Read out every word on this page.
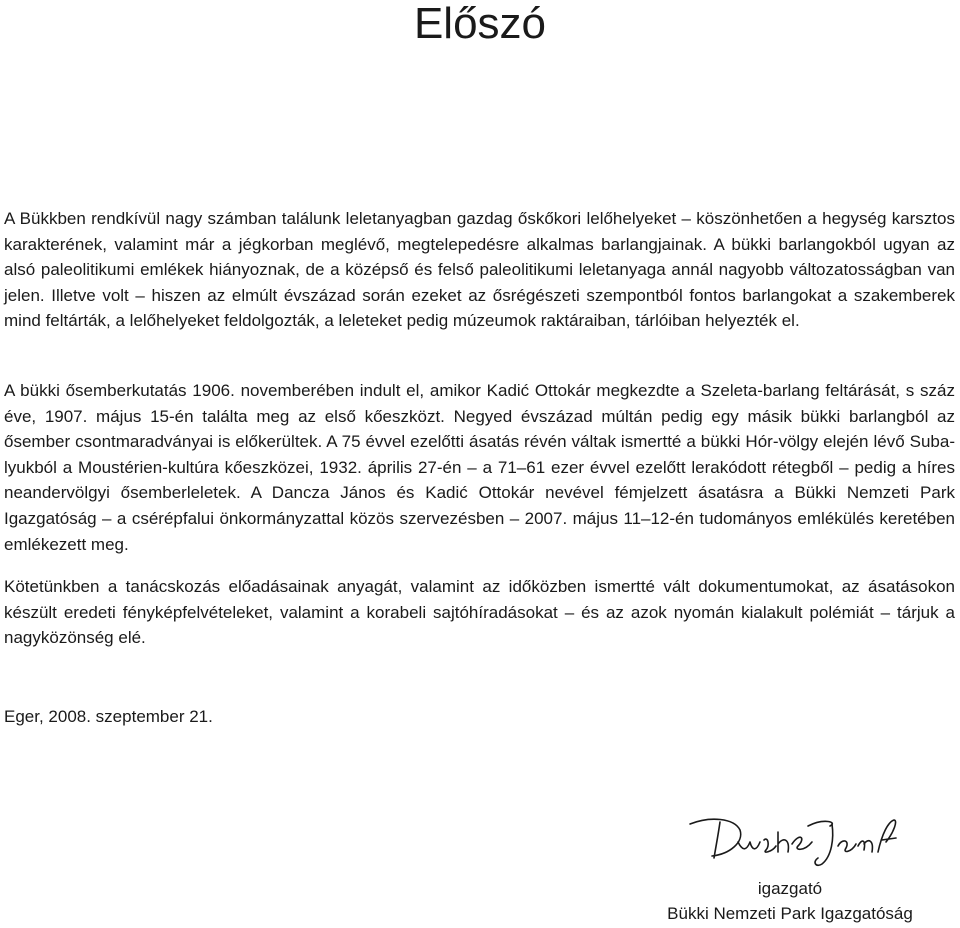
Előszó

A Bükkben rendkívül nagy számban találunk leletanyagban gazdag őskőkori lelőhelyeket – köszönhetően a hegység karsztos karakterének, valamint már a jégkorban meglévő, megtelepedésre alkalmas barlangjainak. A bükki barlangokból ugyan az alsó paleolitikumi emlékek hiányoznak, de a középső és felső paleolitikumi leletanyaga annál nagyobb változatosságban van jelen. Illetve volt – hiszen az elmúlt évszázad során ezeket az ősrégészeti szempontból fontos barlangokat a szakemberek mind feltárták, a lelőhelyeket feldolgozták, a leleteket pedig múzeumok raktáraiban, tárlóiban helyezték el.

A bükki ősemberkutatás 1906. novemberében indult el, amikor Kadić Ottokár megkezdte a Szeleta-barlang feltárását, s száz éve, 1907. május 15-én találta meg az első kőeszközt. Negyed évszázad múltán pedig egy másik bükki barlangból az ősember csontmaradványai is előkerültek. A 75 évvel ezelőtti ásatás révén váltak ismertté a bükki Hór-völgy elején lévő Suba-lyukból a Moustérien-kultúra kőeszközei, 1932. április 27-én – a 71–61 ezer évvel ezelőtt lerakódott rétegből – pedig a híres neandervölgyi ősemberleletek. A Dancza János és Kadić Ottokár nevével fémjelzett ásatásra a Bükki Nemzeti Park Igazgatóság – a csérépfalui önkormányzattal közös szervezésben – 2007. május 11–12-én tudományos emlékülés keretében emlékezett meg.

Kötetünkben a tanácskozás előadásainak anyagát, valamint az időközben ismertté vált dokumentumokat, az ásatásokon készült eredeti fényképfelvételeket, valamint a korabeli sajtóhíradásokat – és az azok nyomán kialakult polémiát – tárjuk a nagyközönség elé.

Eger, 2008. szeptember 21.

igazgató
Bükki Nemzeti Park Igazgatóság
